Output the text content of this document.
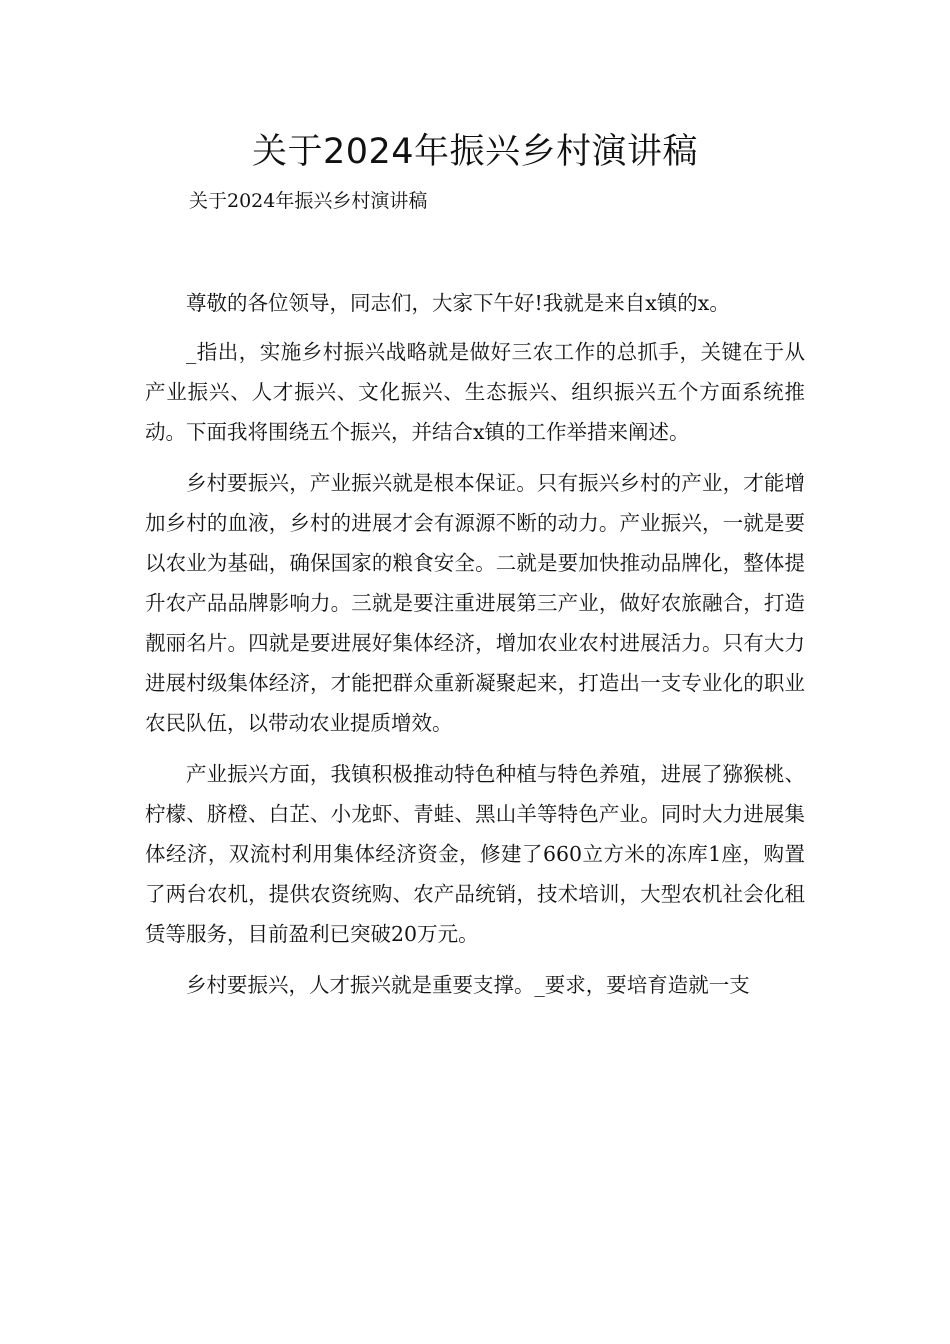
关于2024年振兴乡村演讲稿

关于2024年振兴乡村演讲稿

尊敬的各位领导，同志们，大家下午好!我就是来自x镇的x。

_指出，实施乡村振兴战略就是做好三农工作的总抓手，关键在于从产业振兴、人才振兴、文化振兴、生态振兴、组织振兴五个方面系统推动。下面我将围绕五个振兴，并结合x镇的工作举措来阐述。

乡村要振兴，产业振兴就是根本保证。只有振兴乡村的产业，才能增加乡村的血液，乡村的进展才会有源源不断的动力。产业振兴，一就是要以农业为基础，确保国家的粮食安全。二就是要加快推动品牌化，整体提升农产品品牌影响力。三就是要注重进展第三产业，做好农旅融合，打造靓丽名片。四就是要进展好集体经济，增加农业农村进展活力。只有大力进展村级集体经济，才能把群众重新凝聚起来，打造出一支专业化的职业农民队伍，以带动农业提质增效。

产业振兴方面，我镇积极推动特色种植与特色养殖，进展了猕猴桃、柠檬、脐橙、白芷、小龙虾、青蛙、黑山羊等特色产业。同时大力进展集体经济，双流村利用集体经济资金，修建了660立方米的冻库1座，购置了两台农机，提供农资统购、农产品统销，技术培训，大型农机社会化租赁等服务，目前盈利已突破20万元。

乡村要振兴，人才振兴就是重要支撑。_要求，要培育造就一支
